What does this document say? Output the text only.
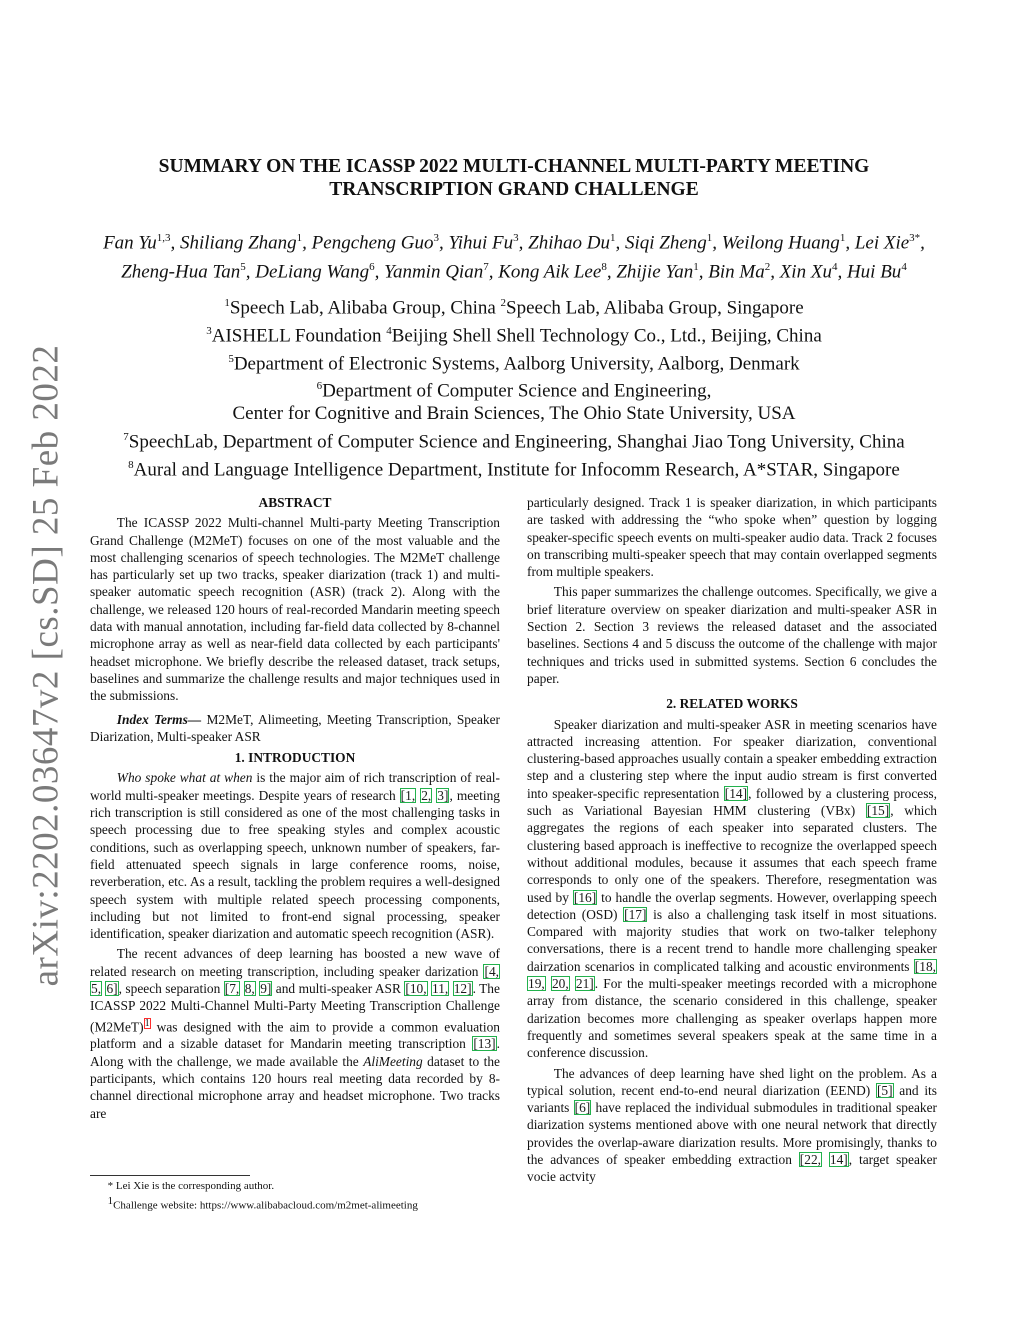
arXiv:2202.03647v2 [cs.SD] 25 Feb 2022
SUMMARY ON THE ICASSP 2022 MULTI-CHANNEL MULTI-PARTY MEETING
TRANSCRIPTION GRAND CHALLENGE
Fan Yu$^{1,3}$, Shiliang Zhang$^1$, Pengcheng Guo$^3$, Yihui Fu$^3$, Zhihao Du$^1$, Siqi Zheng$^1$, Weilong Huang$^1$, Lei Xie$^{3*}$,
Zheng-Hua Tan$^5$, DeLiang Wang$^6$, Yanmin Qian$^7$, Kong Aik Lee$^8$, Zhijie Yan$^1$, Bin Ma$^2$, Xin Xu$^4$, Hui Bu$^4$
$^1$Speech Lab, Alibaba Group, China $^2$Speech Lab, Alibaba Group, Singapore
$^3$AISHELL Foundation $^4$Beijing Shell Shell Technology Co., Ltd., Beijing, China
$^5$Department of Electronic Systems, Aalborg University, Aalborg, Denmark
$^6$Department of Computer Science and Engineering,
Center for Cognitive and Brain Sciences, The Ohio State University, USA
$^7$SpeechLab, Department of Computer Science and Engineering, Shanghai Jiao Tong University, China
$^8$Aural and Language Intelligence Department, Institute for Infocomm Research, A*STAR, Singapore
ABSTRACT

The ICASSP 2022 Multi-channel Multi-party Meeting Transcription Grand Challenge (M2MeT) focuses on one of the most valuable and the most challenging scenarios of speech technologies. The M2MeT challenge has particularly set up two tracks, speaker diarization (track 1) and multi-speaker automatic speech recognition (ASR) (track 2). Along with the challenge, we released 120 hours of real-recorded Mandarin meeting speech data with manual annotation, including far-field data collected by 8-channel microphone array as well as near-field data collected by each participants' headset microphone. We briefly describe the released dataset, track setups, baselines and summarize the challenge results and major techniques used in the submissions.

Index Terms— M2MeT, Alimeeting, Meeting Transcription, Speaker Diarization, Multi-speaker ASR

1. INTRODUCTION

Who spoke what at when is the major aim of rich transcription of real-world multi-speaker meetings. Despite years of research [1, 2, 3], meeting rich transcription is still considered as one of the most challenging tasks in speech processing due to free speaking styles and complex acoustic conditions, such as overlapping speech, unknown number of speakers, far-field attenuated speech signals in large conference rooms, noise, reverberation, etc. As a result, tackling the problem requires a well-designed speech system with multiple related speech processing components, including but not limited to front-end signal processing, speaker identification, speaker diarization and automatic speech recognition (ASR).

The recent advances of deep learning has boosted a new wave of related research on meeting transcription, including speaker darization [4, 5, 6], speech separation [7, 8, 9] and multi-speaker ASR [10, 11, 12]. The ICASSP 2022 Multi-Channel Multi-Party Meeting Transcription Challenge (M2MeT)$^1$ was designed with the aim to provide a common evaluation platform and a sizable dataset for Mandarin meeting transcription [13]. Along with the challenge, we made available the AliMeeting dataset to the participants, which contains 120 hours real meeting data recorded by 8-channel directional microphone array and headset microphone. Two tracks are

particularly designed. Track 1 is speaker diarization, in which participants are tasked with addressing the “who spoke when” question by logging speaker-specific speech events on multi-speaker audio data. Track 2 focuses on transcribing multi-speaker speech that may contain overlapped segments from multiple speakers.

This paper summarizes the challenge outcomes. Specifically, we give a brief literature overview on speaker diarization and multi-speaker ASR in Section 2. Section 3 reviews the released dataset and the associated baselines. Sections 4 and 5 discuss the outcome of the challenge with major techniques and tricks used in submitted systems. Section 6 concludes the paper.

2. RELATED WORKS

Speaker diarization and multi-speaker ASR in meeting scenarios have attracted increasing attention. For speaker diarization, conventional clustering-based approaches usually contain a speaker embedding extraction step and a clustering step where the input audio stream is first converted into speaker-specific representation [14], followed by a clustering process, such as Variational Bayesian HMM clustering (VBx) [15], which aggregates the regions of each speaker into separated clusters. The clustering based approach is ineffective to recognize the overlapped speech without additional modules, because it assumes that each speech frame corresponds to only one of the speakers. Therefore, resegmentation was used by [16] to handle the overlap segments. However, overlapping speech detection (OSD) [17] is also a challenging task itself in most situations. Compared with majority studies that work on two-talker telephony conversations, there is a recent trend to handle more challenging speaker dairzation scenarios in complicated talking and acoustic environments [18, 19, 20, 21]. For the multi-speaker meetings recorded with a microphone array from distance, the scenario considered in this challenge, speaker darization becomes more challenging as speaker overlaps happen more frequently and sometimes several speakers speak at the same time in a conference discussion.

The advances of deep learning have shed light on the problem. As a typical solution, recent end-to-end neural diarization (EEND) [5] and its variants [6] have replaced the individual submodules in traditional speaker diarization systems mentioned above with one neural network that directly provides the overlap-aware diarization results. More promisingly, thanks to the advances of speaker embedding extraction [22, 14], target speaker vocie actvity

* Lei Xie is the corresponding author.
$^1$Challenge website: https://www.alibabacloud.com/m2met-alimeeting
